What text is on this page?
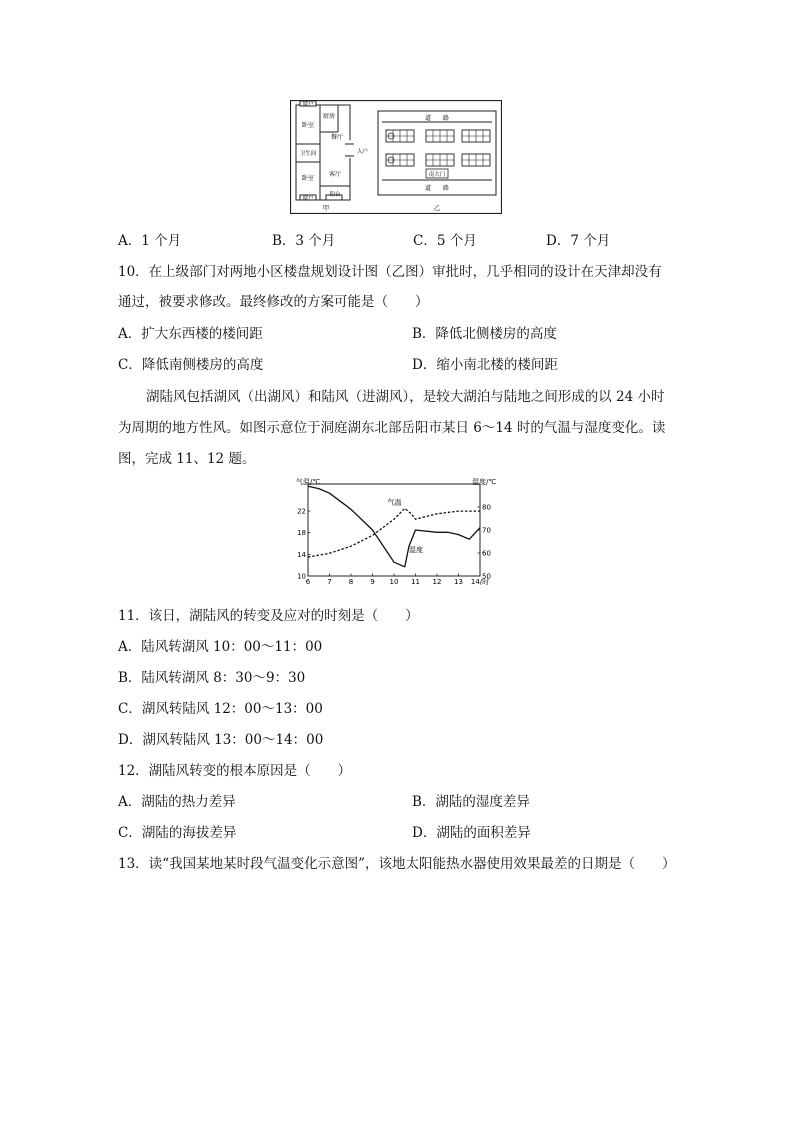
窗户
卧室
卫生间
卧室
窗户
厨房
餐厅
入户
客厅
阳台
甲
道　　路
道　　路
南大门
乙
A．1 个月	B．3 个月	C．5 个月	D．7 个月
10．在上级部门对两地小区楼盘规划设计图（乙图）审批时，几乎相同的设计在天津却没有
通过，被要求修改。最终修改的方案可能是（　　）
A．扩大东西楼的楼间距	B．降低北侧楼房的高度
C．降低南侧楼房的高度	D．缩小南北楼的楼间距
湖陆风包括湖风（出湖风）和陆风（进湖风），是较大湖泊与陆地之间形成的以 24 小时
为周期的地方性风。如图示意位于洞庭湖东北部岳阳市某日 6～14 时的气温与湿度变化。读
图，完成 11、12 题。
气温/℃	湿度/℃
6 7 8 9 10 11 12 13 14/时
10
14
18
22
50
60
70
80
气温
湿度
11．该日，湖陆风的转变及应对的时刻是（　　）
A．陆风转湖风 10：00～11：00
B．陆风转湖风 8：30～9：30
C．湖风转陆风 12：00～13：00
D．湖风转陆风 13：00～14：00
12．湖陆风转变的根本原因是（　　）
A．湖陆的热力差异	B．湖陆的湿度差异
C．湖陆的海拔差异	D．湖陆的面积差异
13．读“我国某地某时段气温变化示意图”，该地太阳能热水器使用效果最差的日期是（　　）
